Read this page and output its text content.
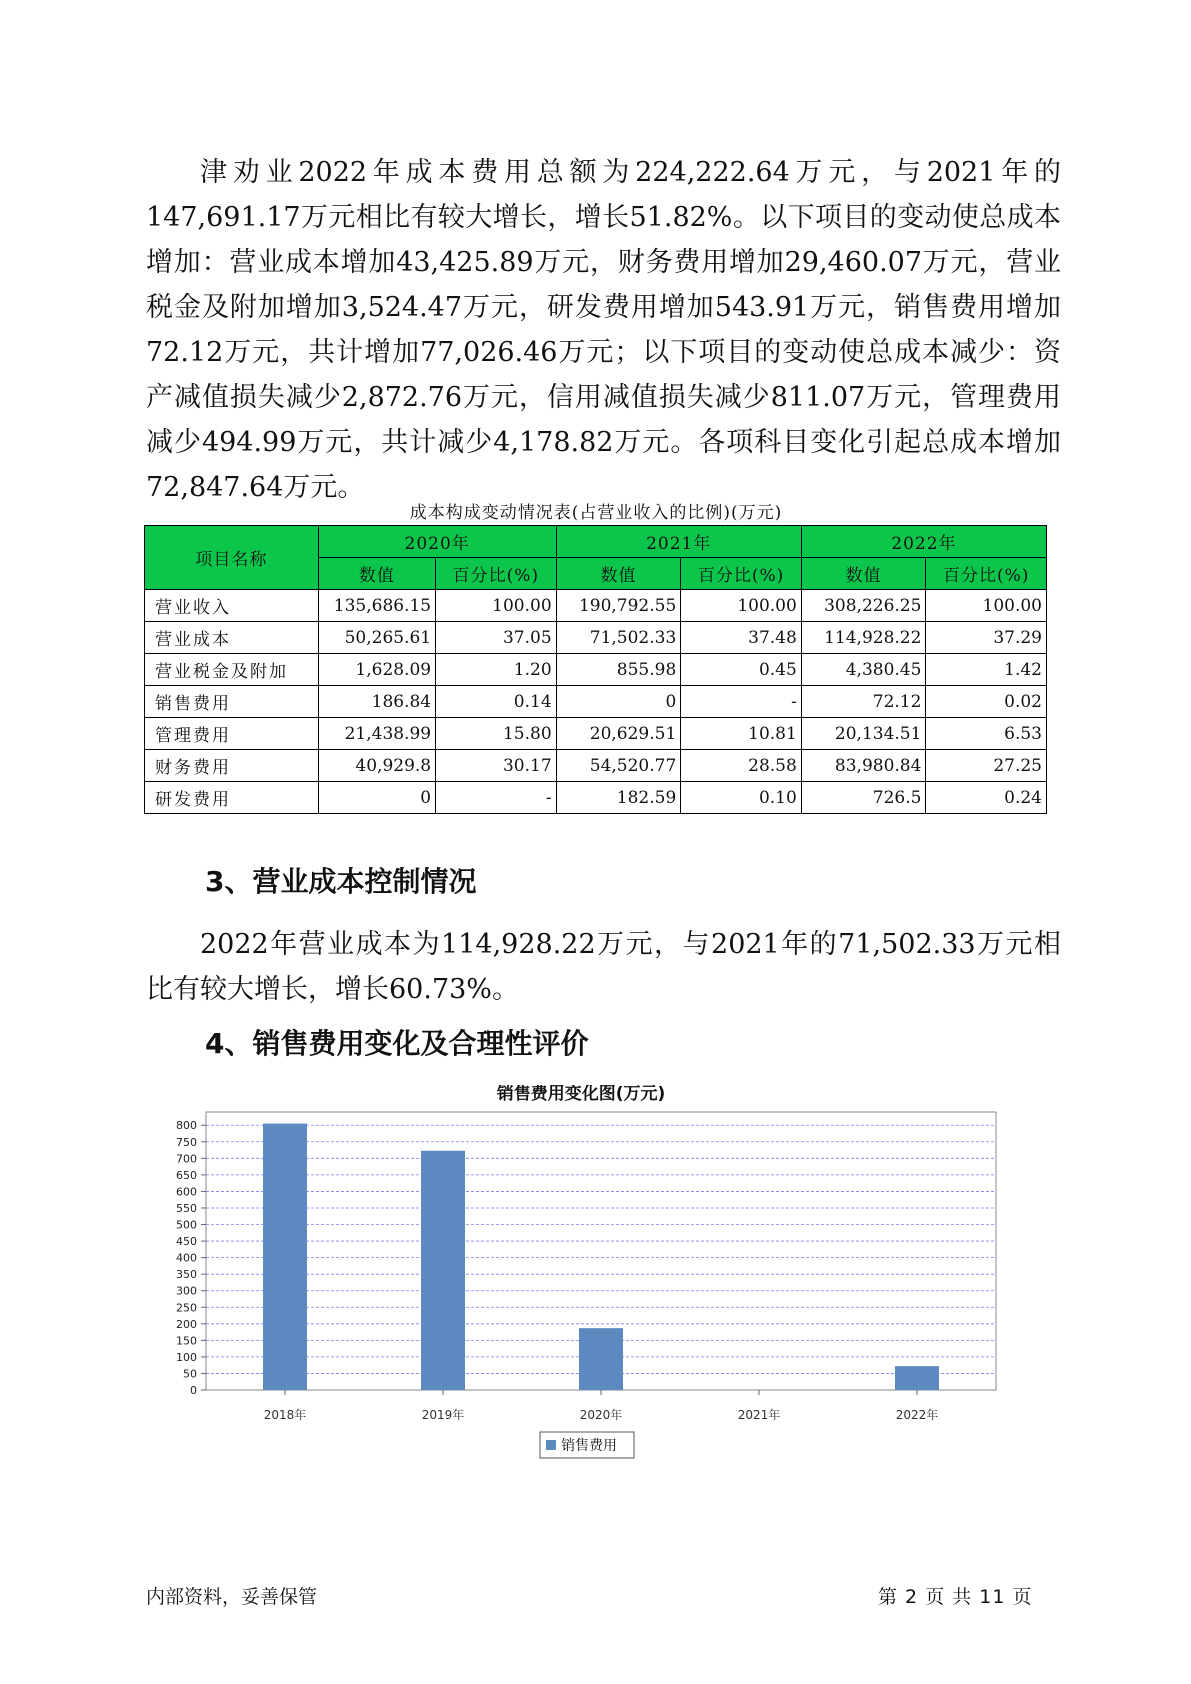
津劝业2022年成本费用总额为224,222.64万元，与2021年的147,691.17万元相比有较大增长，增长51.82%。以下项目的变动使总成本增加：营业成本增加43,425.89万元，财务费用增加29,460.07万元，营业税金及附加增加3,524.47万元，研发费用增加543.91万元，销售费用增加72.12万元，共计增加77,026.46万元；以下项目的变动使总成本减少：资产减值损失减少2,872.76万元，信用减值损失减少811.07万元，管理费用减少494.99万元，共计减少4,178.82万元。各项科目变化引起总成本增加72,847.64万元。

成本构成变动情况表(占营业收入的比例)(万元)
项目名称	2020年		2021年		2022年	
	数值	百分比(%)	数值	百分比(%)	数值	百分比(%)
营业收入	135,686.15	100.00	190,792.55	100.00	308,226.25	100.00
营业成本	50,265.61	37.05	71,502.33	37.48	114,928.22	37.29
营业税金及附加	1,628.09	1.20	855.98	0.45	4,380.45	1.42
销售费用	186.84	0.14	0	-	72.12	0.02
管理费用	21,438.99	15.80	20,629.51	10.81	20,134.51	6.53
财务费用	40,929.8	30.17	54,520.77	28.58	83,980.84	27.25
研发费用	0	-	182.59	0.10	726.5	0.24
3、营业成本控制情况

2022年营业成本为114,928.22万元，与2021年的71,502.33万元相比有较大增长，增长60.73%。

4、销售费用变化及合理性评价
销售费用变化图(万元)
0
50
100
150
200
250
300
350
400
450
500
550
600
650
700
750
800
2018年	2019年	2020年	2021年	2022年
销售费用
内部资料，妥善保管	第 2 页 共 11 页
